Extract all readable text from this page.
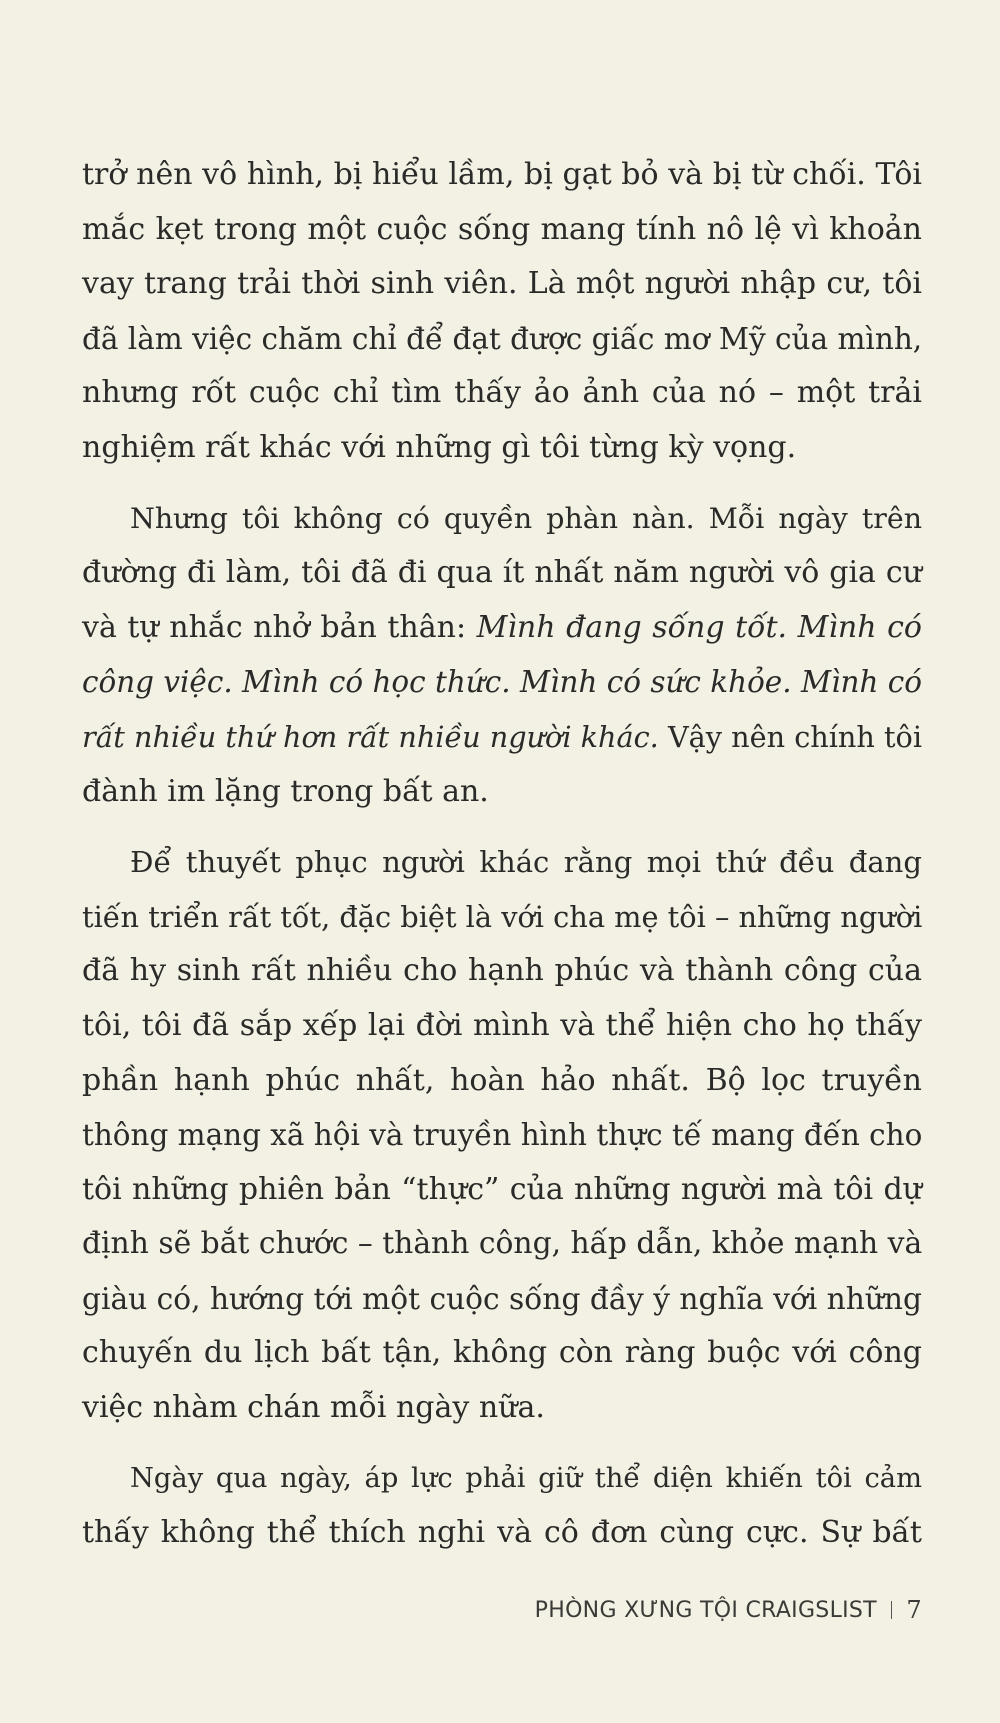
trở nên vô hình, bị hiểu lầm, bị gạt bỏ và bị từ chối. Tôi
mắc kẹt trong một cuộc sống mang tính nô lệ vì khoản
vay trang trải thời sinh viên. Là một người nhập cư, tôi
đã làm việc chăm chỉ để đạt được giấc mơ Mỹ của mình,
nhưng rốt cuộc chỉ tìm thấy ảo ảnh của nó – một trải
nghiệm rất khác với những gì tôi từng kỳ vọng.

Nhưng tôi không có quyền phàn nàn. Mỗi ngày trên
đường đi làm, tôi đã đi qua ít nhất năm người vô gia cư
và tự nhắc nhở bản thân: Mình đang sống tốt. Mình có
công việc. Mình có học thức. Mình có sức khỏe. Mình có
rất nhiều thứ hơn rất nhiều người khác. Vậy nên chính tôi
đành im lặng trong bất an.

Để thuyết phục người khác rằng mọi thứ đều đang
tiến triển rất tốt, đặc biệt là với cha mẹ tôi – những người
đã hy sinh rất nhiều cho hạnh phúc và thành công của
tôi, tôi đã sắp xếp lại đời mình và thể hiện cho họ thấy
phần hạnh phúc nhất, hoàn hảo nhất. Bộ lọc truyền
thông mạng xã hội và truyền hình thực tế mang đến cho
tôi những phiên bản “thực” của những người mà tôi dự
định sẽ bắt chước – thành công, hấp dẫn, khỏe mạnh và
giàu có, hướng tới một cuộc sống đầy ý nghĩa với những
chuyến du lịch bất tận, không còn ràng buộc với công
việc nhàm chán mỗi ngày nữa.

Ngày qua ngày, áp lực phải giữ thể diện khiến tôi cảm
thấy không thể thích nghi và cô đơn cùng cực. Sự bất

PHÒNG XƯNG TỘI CRAIGSLIST 7
